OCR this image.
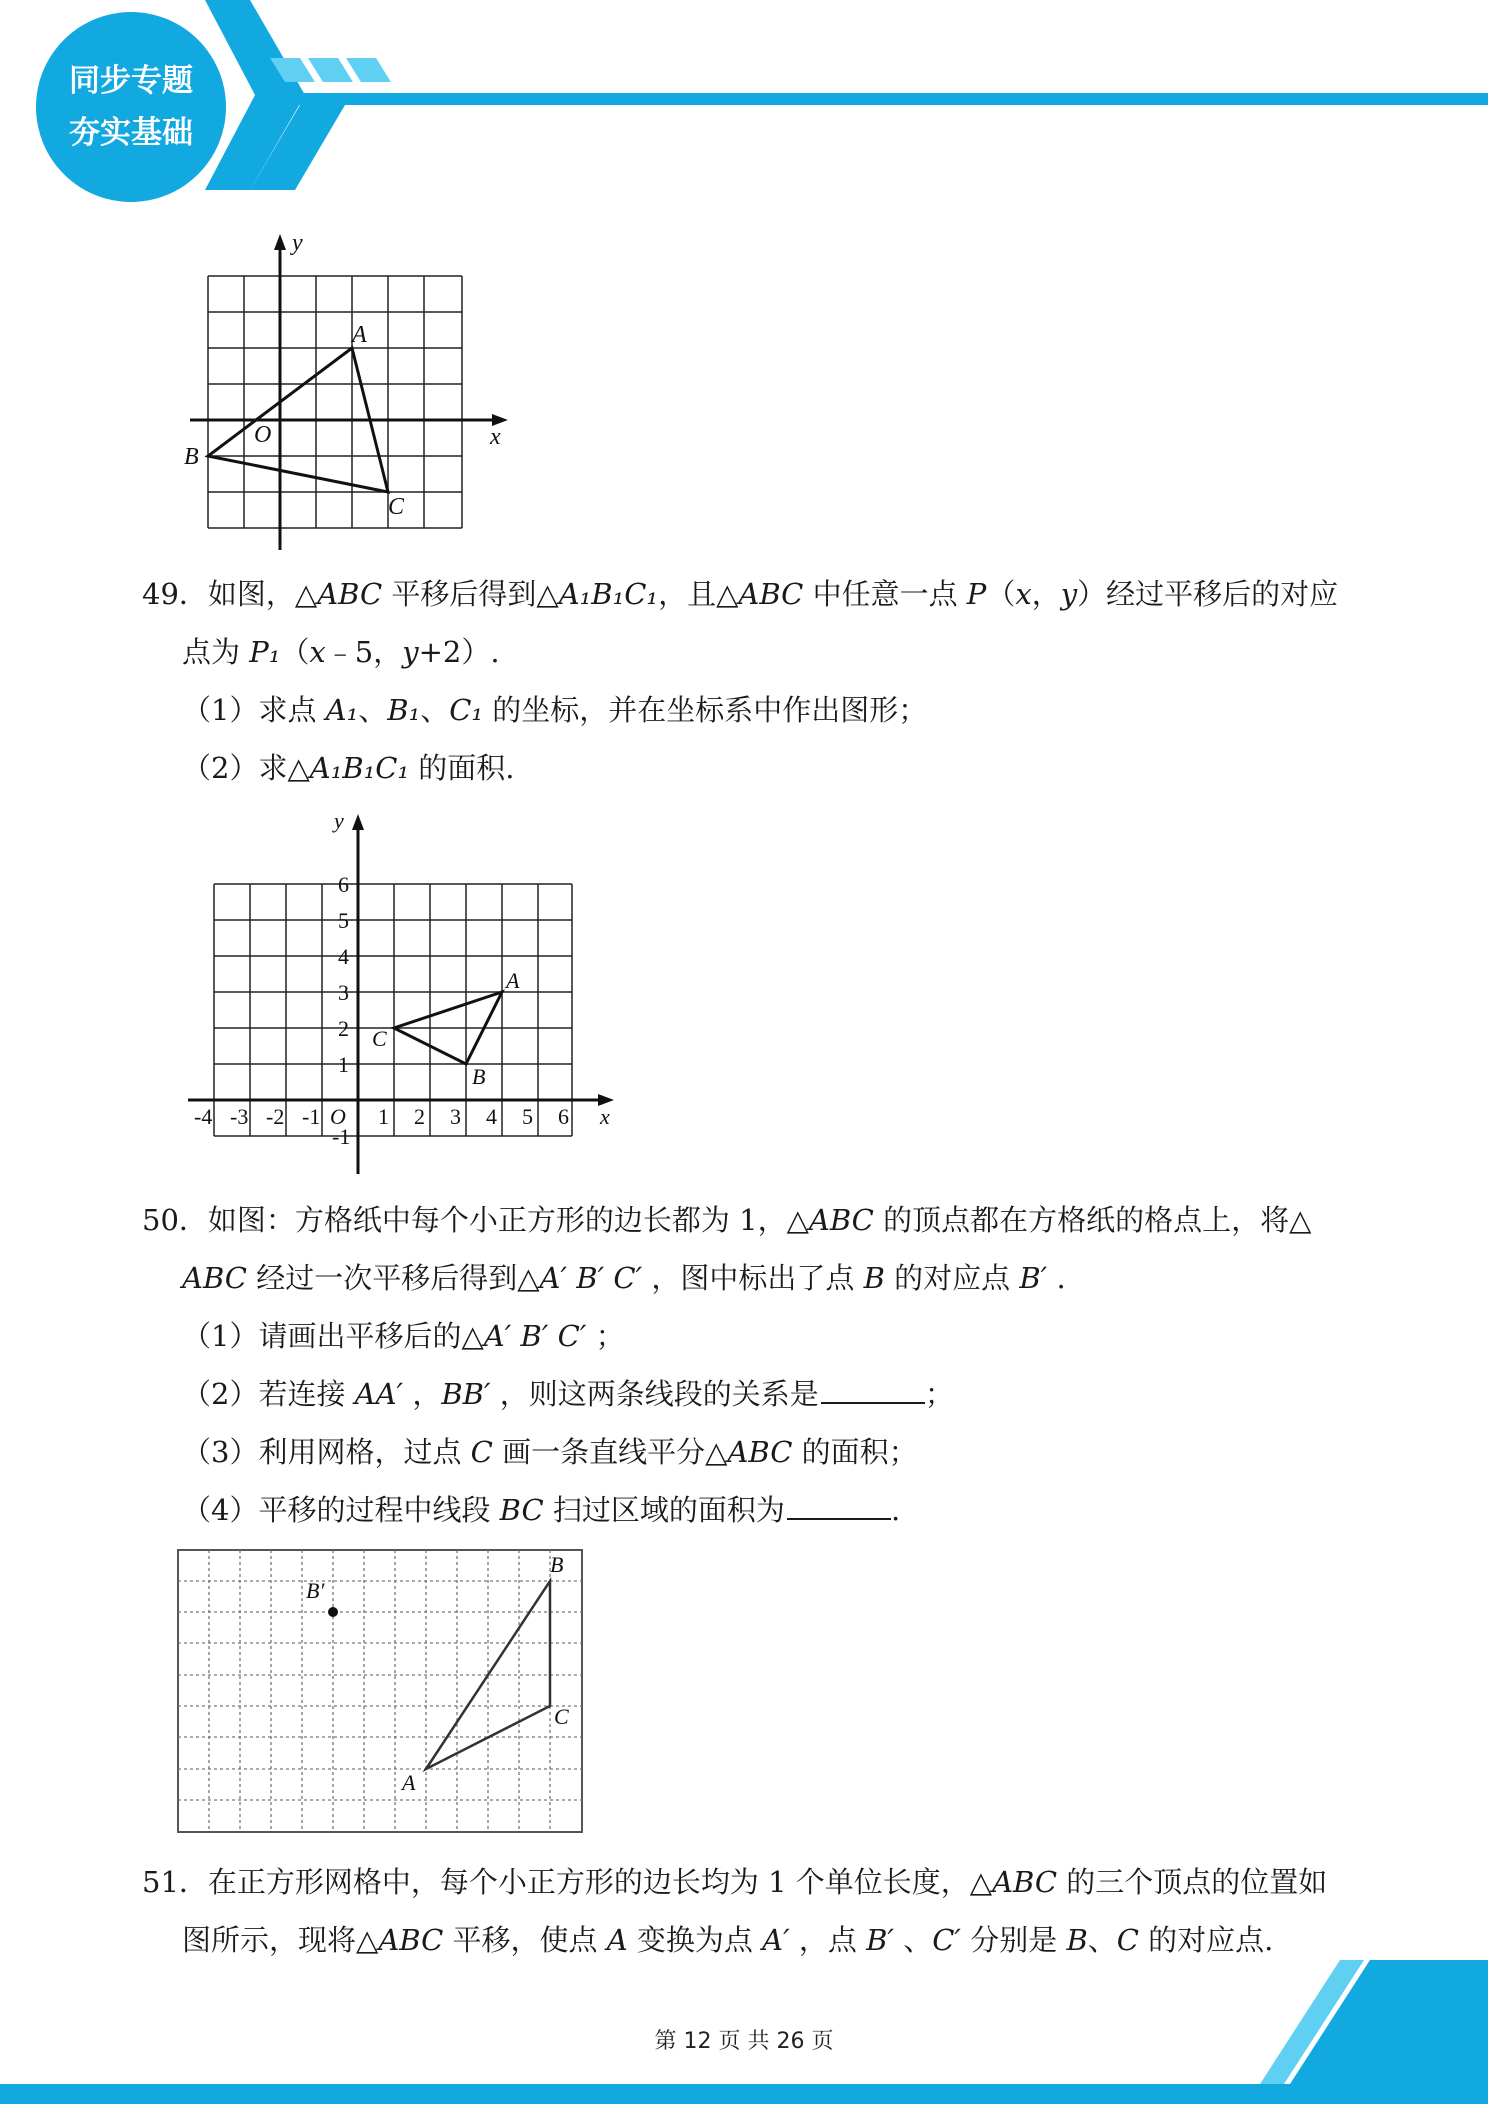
同步专题
夯实基础
y
x
O
A
B
C
49．如图，△ABC 平移后得到△A₁B₁C₁，且△ABC 中任意一点 P（x，y）经过平移后的对应
点为 P₁（x﹣5，y+2）.
（1）求点 A₁、B₁、C₁ 的坐标，并在坐标系中作出图形；
（2）求△A₁B₁C₁ 的面积.
y
x
O
-4 -3 -2 -1	1 2 3 4 5 6
6
5
4
3
2
1
-1
A
B
C
50．如图：方格纸中每个小正方形的边长都为 1，△ABC 的顶点都在方格纸的格点上，将△
ABC 经过一次平移后得到△A′ B′ C′ ，图中标出了点 B 的对应点 B′ .
（1）请画出平移后的△A′ B′ C′ ；
（2）若连接 AA′ ，BB′ ，则这两条线段的关系是	；
（3）利用网格，过点 C 画一条直线平分△ABC 的面积；
（4）平移的过程中线段 BC 扫过区域的面积为	.
A
B
C
B′
51．在正方形网格中，每个小正方形的边长均为 1 个单位长度，△ABC 的三个顶点的位置如
图所示，现将△ABC 平移，使点 A 变换为点 A′ ，点 B′ 、C′ 分别是 B、C 的对应点.
第 12 页 共 26 页
